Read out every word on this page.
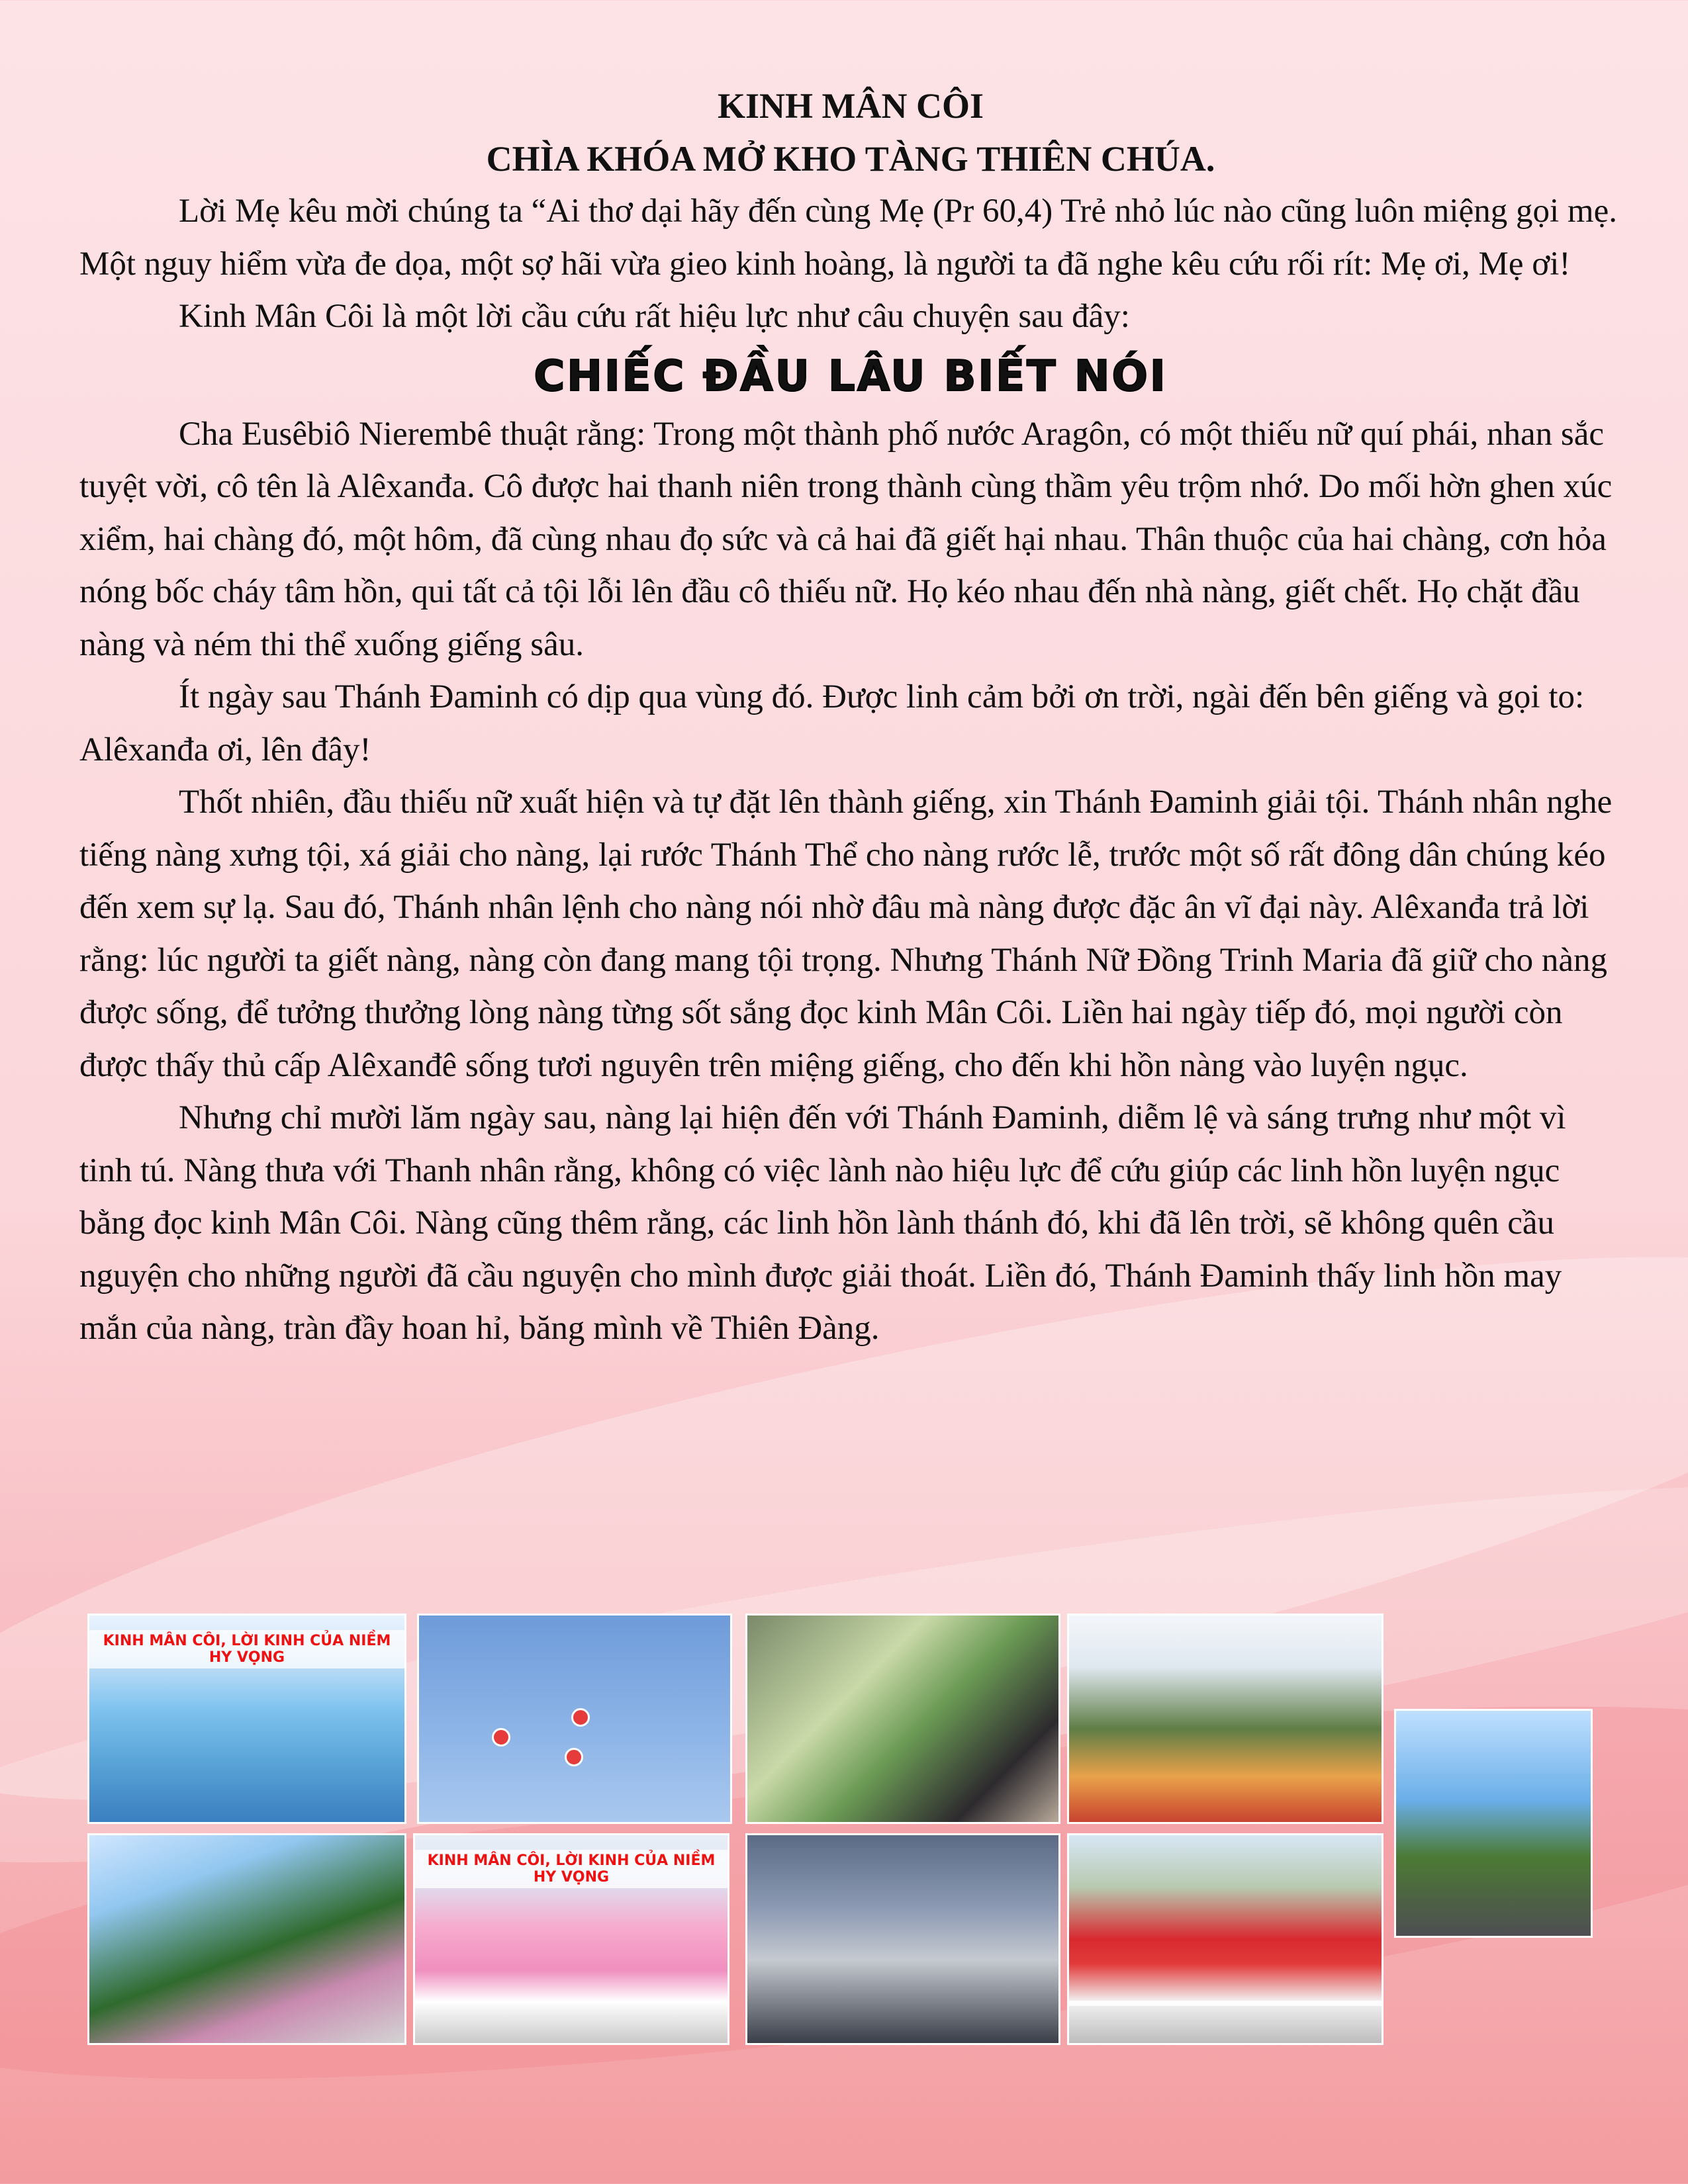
KINH MÂN CÔI
CHÌA KHÓA MỞ KHO TÀNG THIÊN CHÚA.

Lời Mẹ kêu mời chúng ta “Ai thơ dại hãy đến cùng Mẹ (Pr 60,4) Trẻ nhỏ lúc nào cũng luôn miệng gọi mẹ. Một nguy hiểm vừa đe dọa, một sợ hãi vừa gieo kinh hoàng, là người ta đã nghe kêu cứu rối rít: Mẹ ơi, Mẹ ơi!

Kinh Mân Côi là một lời cầu cứu rất hiệu lực như câu chuyện sau đây:

CHIẾC ĐẦU LÂU BIẾT NÓI

Cha Eusêbiô Nierembê thuật rằng: Trong một thành phố nước Aragôn, có một thiếu nữ quí phái, nhan sắc tuyệt vời, cô tên là Alêxanđa. Cô được hai thanh niên trong thành cùng thầm yêu trộm nhớ. Do mối hờn ghen xúc xiểm, hai chàng đó, một hôm, đã cùng nhau đọ sức và cả hai đã giết hại nhau. Thân thuộc của hai chàng, cơn hỏa nóng bốc cháy tâm hồn, qui tất cả tội lỗi lên đầu cô thiếu nữ. Họ kéo nhau đến nhà nàng, giết chết. Họ chặt đầu nàng và ném thi thể xuống giếng sâu.

Ít ngày sau Thánh Đaminh có dịp qua vùng đó. Được linh cảm bởi ơn trời, ngài đến bên giếng và gọi to: Alêxanđa ơi, lên đây!

Thốt nhiên, đầu thiếu nữ xuất hiện và tự đặt lên thành giếng, xin Thánh Đaminh giải tội. Thánh nhân nghe tiếng nàng xưng tội, xá giải cho nàng, lại rước Thánh Thể cho nàng rước lễ, trước một số rất đông dân chúng kéo đến xem sự lạ. Sau đó, Thánh nhân lệnh cho nàng nói nhờ đâu mà nàng được đặc ân vĩ đại này. Alêxanđa trả lời rằng: lúc người ta giết nàng, nàng còn đang mang tội trọng. Nhưng Thánh Nữ Đồng Trinh Maria đã giữ cho nàng được sống, để tưởng thưởng lòng nàng từng sốt sắng đọc kinh Mân Côi. Liền hai ngày tiếp đó, mọi người còn được thấy thủ cấp Alêxanđê sống tươi nguyên trên miệng giếng, cho đến khi hồn nàng vào luyện ngục.

Nhưng chỉ mười lăm ngày sau, nàng lại hiện đến với Thánh Đaminh, diễm lệ và sáng trưng như một vì tinh tú. Nàng thưa với Thanh nhân rằng, không có việc lành nào hiệu lực để cứu giúp các linh hồn luyện ngục bằng đọc kinh Mân Côi. Nàng cũng thêm rằng, các linh hồn lành thánh đó, khi đã lên trời, sẽ không quên cầu nguyện cho những người đã cầu nguyện cho mình được giải thoát. Liền đó, Thánh Đaminh thấy linh hồn may mắn của nàng, tràn đầy hoan hỉ, băng mình về Thiên Đàng.

KINH MÂN CÔI, LỜI KINH CỦA NIỀM HY VỌNG
KINH MÂN CÔI, LỜI KINH CỦA NIỀM HY VỌNG
